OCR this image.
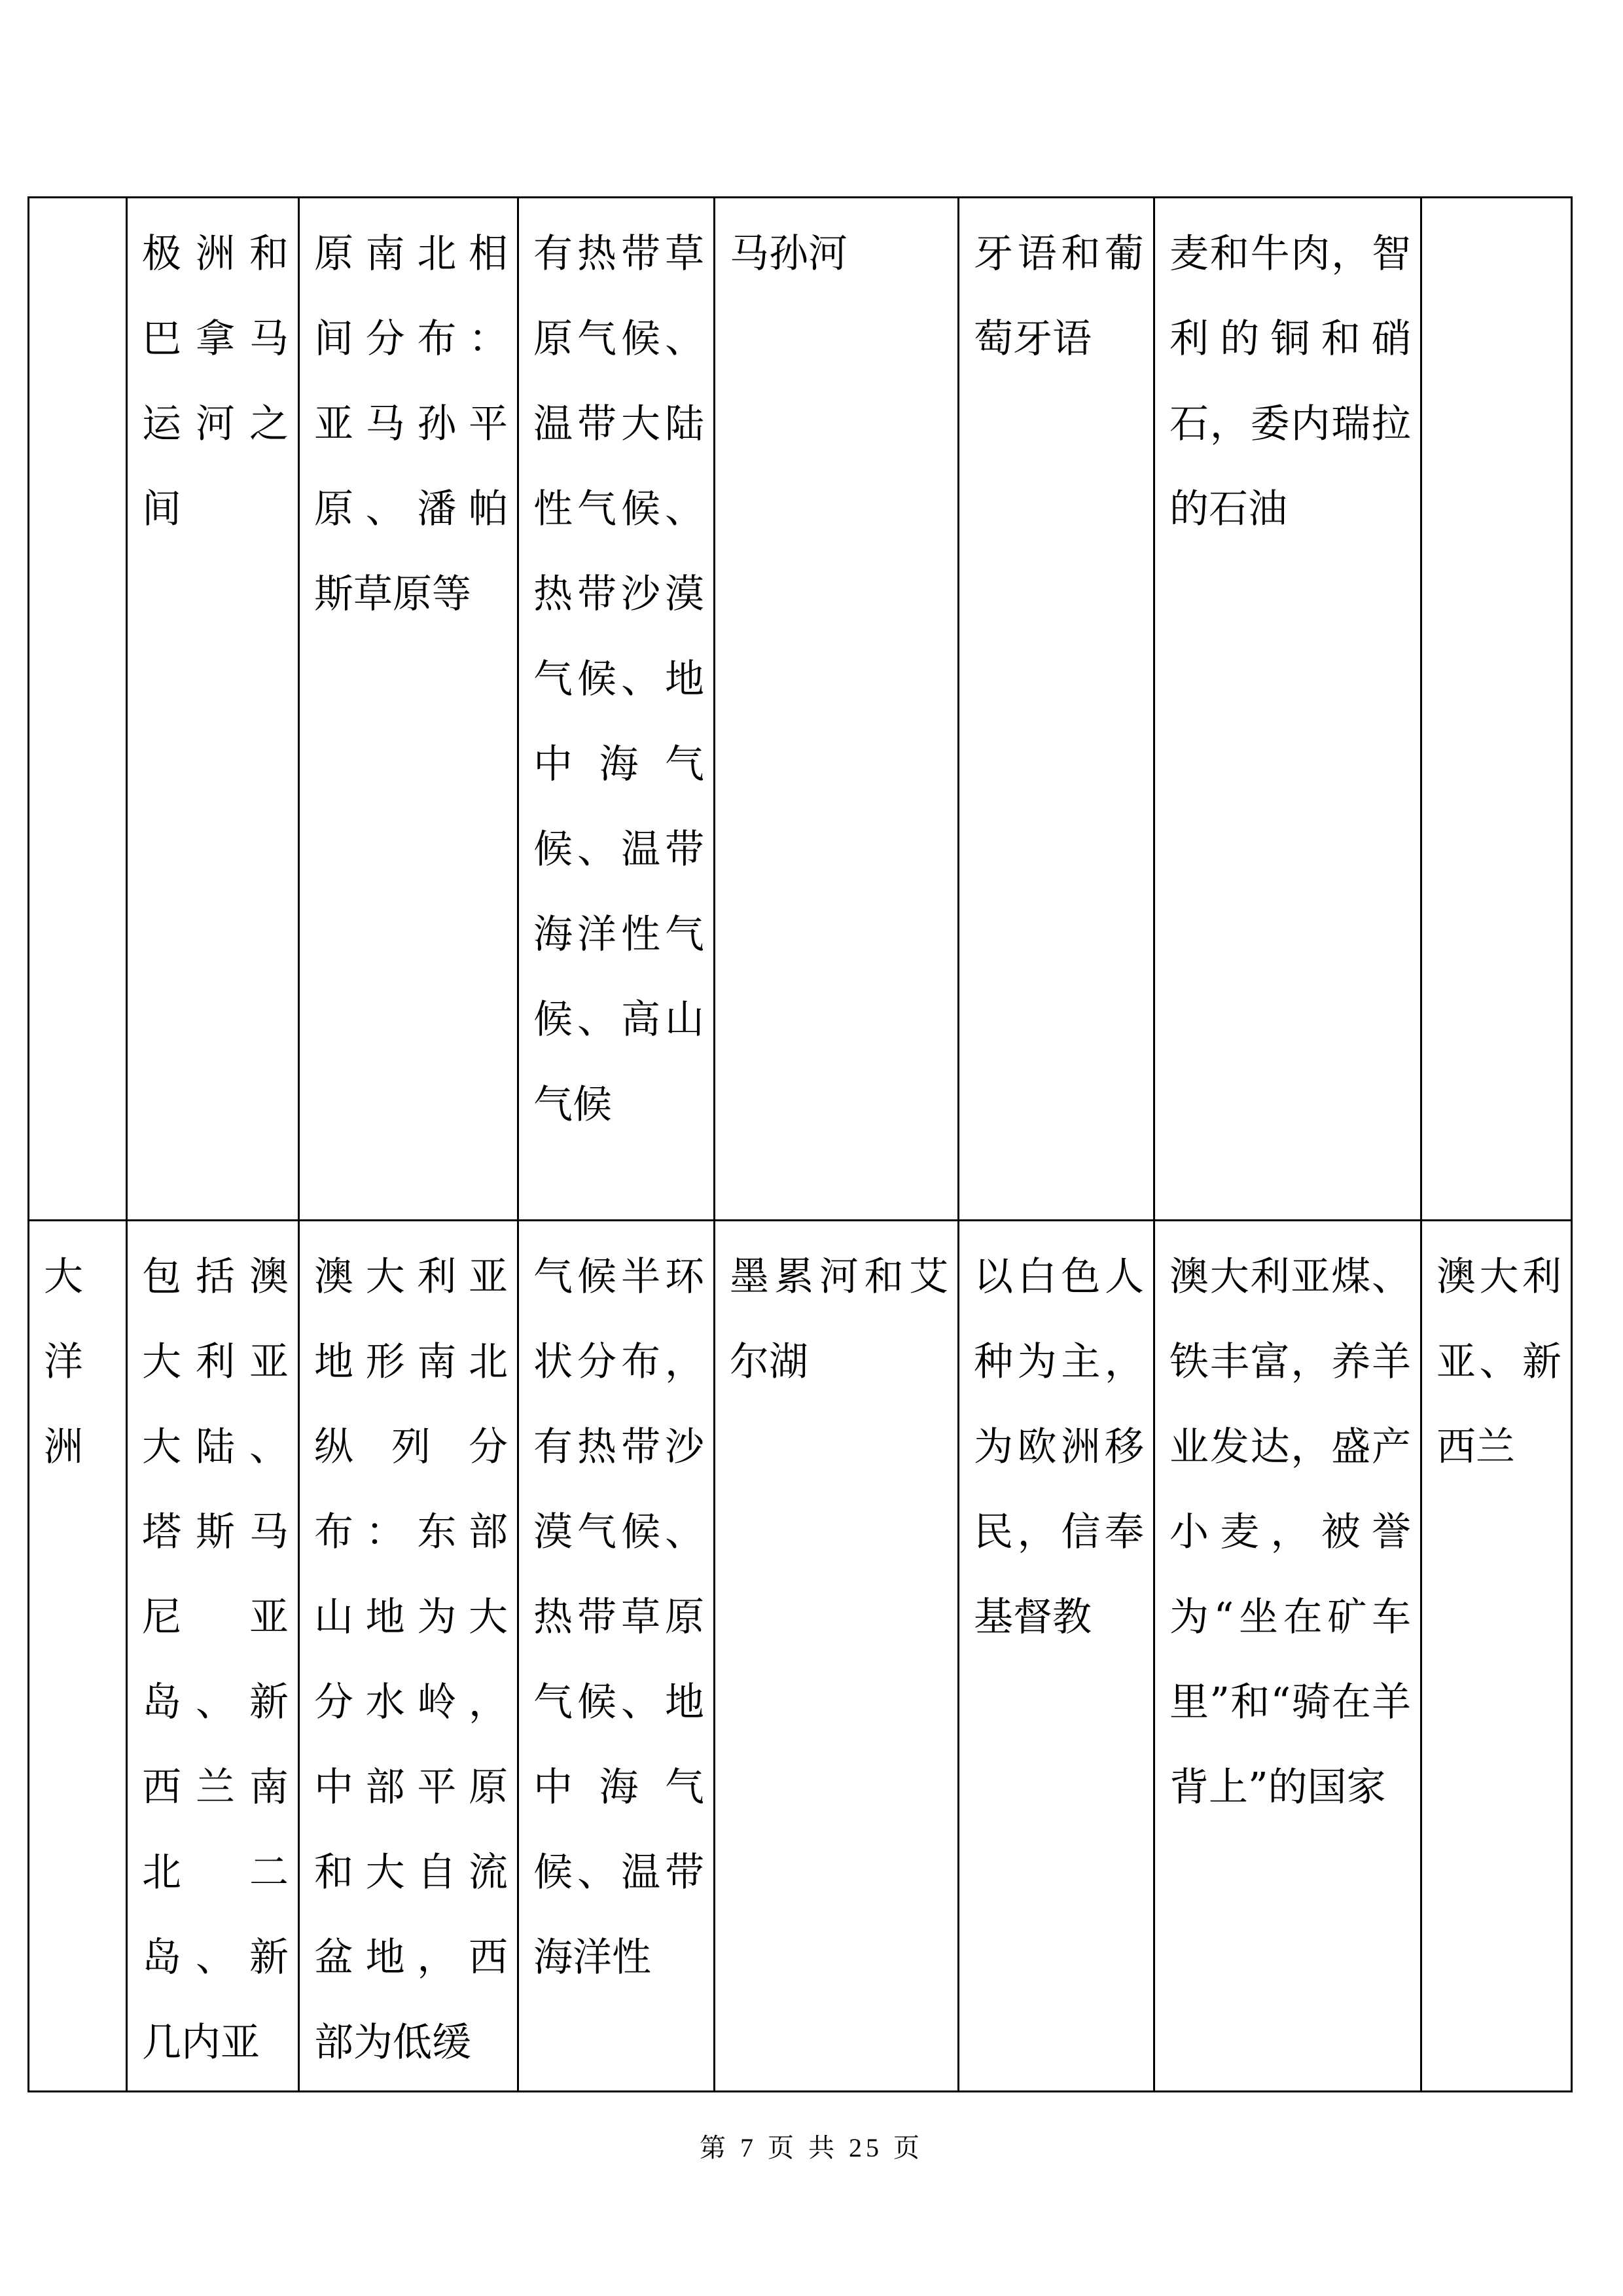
	极洲和巴拿马运河之间	原南北相间分布：亚马孙平原、潘帕斯草原等	有热带草原气候、温带大陆性气候、热带沙漠气候、地中海气候、温带海洋性气候、高山气候	马孙河	牙语和葡萄牙语	麦和牛肉，智利的铜和硝石，委内瑞拉的石油	

大洋洲	包括澳大利亚大陆、塔斯马尼亚岛、新西兰南北二岛、新几内亚	澳大利亚地形南北纵列分布：东部山地为大分水岭，中部平原和大自流盆地，西部为低缓	气候半环状分布，有热带沙漠气候、热带草原气候、地中海气候、温带海洋性	墨累河和艾尔湖	以白色人种为主，为欧洲移民，信奉基督教	澳大利亚煤、铁丰富，养羊业发达，盛产小麦，被誉为“坐在矿车里”和“骑在羊背上”的国家	澳大利亚、新西兰
第 7 页 共 25 页
